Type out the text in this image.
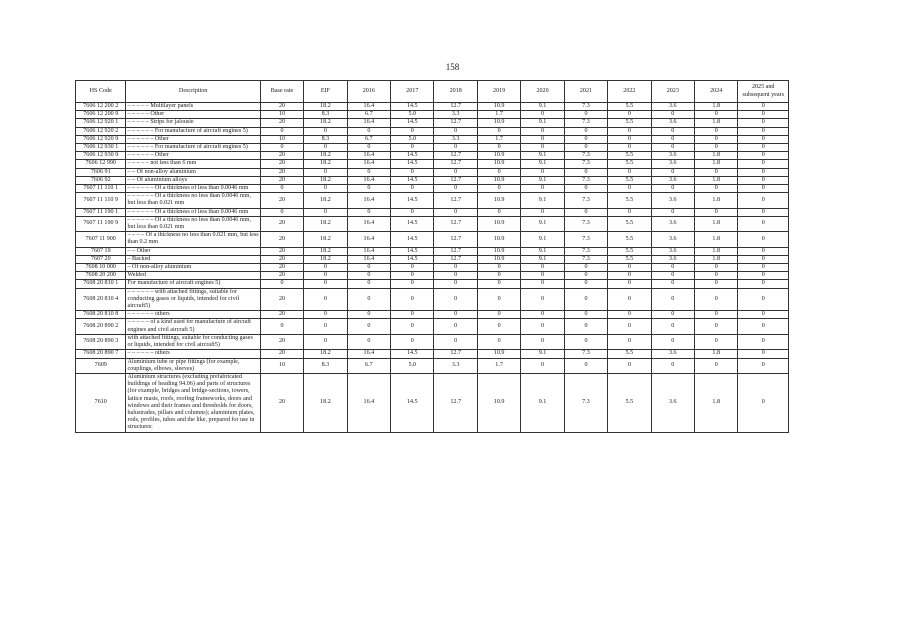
158
HS Code	Description	Base rate	EIF	2016	2017	2018	2019	2020	2021	2022	2023	2024	2025 and subsequent years
7606 12 200 2	– – – – – Multilayer panels	20	18.2	16.4	14.5	12.7	10.9	9.1	7.3	5.5	3.6	1.8	0
7606 12 200 9	– – – – – Other	10	8.3	6.7	5.0	3.3	1.7	0	0	0	0	0	0
7606 12 920 1	– – – – – Strips for jalousie	20	18.2	16.4	14.5	12.7	10.9	9.1	7.3	5.5	3.6	1.8	0
7606 12 920 2	– – – – – – For manufacture of aircraft engines 5)	0	0	0	0	0	0	0	0	0	0	0	0
7606 12 920 9	– – – – – – Other	10	8.3	6.7	5.0	3.3	1.7	0	0	0	0	0	0
7606 12 930 1	– – – – – – For manufacture of aircraft engines 5)	0	0	0	0	0	0	0	0	0	0	0	0
7606 12 930 9	– – – – – – Other	20	18.2	16.4	14.5	12.7	10.9	9.1	7.3	5.5	3.6	1.8	0
7606 12 990	– – – – – not less than 6 mm	20	18.2	16.4	14.5	12.7	10.9	9.1	7.3	5.5	3.6	1.8	0
7606 91	– – Of non-alloy aluminium	20	0	0	0	0	0	0	0	0	0	0	0
7606 92	– – Of aluminium alloys	20	18.2	16.4	14.5	12.7	10.9	9.1	7.3	5.5	3.6	1.8	0
7607 11 110 1	– – – – – – Of a thickness of less than 0.0046 mm	0	0	0	0	0	0	0	0	0	0	0	0
7607 11 110 9	– – – – – – Of a thickness no less than 0.0046 mm, but less than 0.021 mm	20	18.2	16.4	14.5	12.7	10.9	9.1	7.3	5.5	3.6	1.8	0
7607 11 190 1	– – – – – – Of a thickness of less than 0.0046 mm	0	0	0	0	0	0	0	0	0	0	0	0
7607 11 190 9	– – – – – – Of a thickness no less than 0.0046 mm, but less than 0.021 mm	20	18.2	16.4	14.5	12.7	10.9	9.1	7.3	5.5	3.6	1.8	0
7607 11 900	– – – – Of a thickness no less than 0.021 mm, but less than 0.2 mm	20	18.2	16.4	14.5	12.7	10.9	9.1	7.3	5.5	3.6	1.8	0
7607 19	– – Other	20	18.2	16.4	14.5	12.7	10.9	9.1	7.3	5.5	3.6	1.8	0
7607 20	– Backed	20	18.2	16.4	14.5	12.7	10.9	9.1	7.3	5.5	3.6	1.8	0
7608 10 000	– Of non-alloy aluminium	20	0	0	0	0	0	0	0	0	0	0	0
7608 20 200	Welded	20	0	0	0	0	0	0	0	0	0	0	0
7608 20 810 1	For manufacture of aircraft engines 5)	0	0	0	0	0	0	0	0	0	0	0	0
7608 20 810 4	– – – – – – with attached fittings, suitable for conducting gases or liquids, intended for civil aircraft5)	20	0	0	0	0	0	0	0	0	0	0	0
7608 20 810 8	– – – – – – others	20	0	0	0	0	0	0	0	0	0	0	0
7608 20 890 2	– – – – – of a kind used for manufacture of aircraft engines and civil aircraft 5)	0	0	0	0	0	0	0	0	0	0	0	0
7608 20 890 3	with attached fittings, suitable for conducting gases or liquids, intended for civil aircraft5)	20	0	0	0	0	0	0	0	0	0	0	0
7608 20 890 7	– – – – – – others	20	18.2	16.4	14.5	12.7	10.9	9.1	7.3	5.5	3.6	1.8	0
7609	Aluminium tube or pipe fittings (for example, couplings, elbows, sleeves)	10	8.3	6.7	5.0	3.3	1.7	0	0	0	0	0	0
7610	Aluminium structures (excluding prefabricated buildings of heading 94.06) and parts of structures (for example, bridges and bridge-sections, towers, lattice masts, roofs, roofing frameworks, doors and windows and their frames and thresholds for doors, balustrades, pillars and columns); aluminium plates, rods, profiles, tubes and the like, prepared for use in structures:	20	18.2	16.4	14.5	12.7	10.9	9.1	7.3	5.5	3.6	1.8	0
